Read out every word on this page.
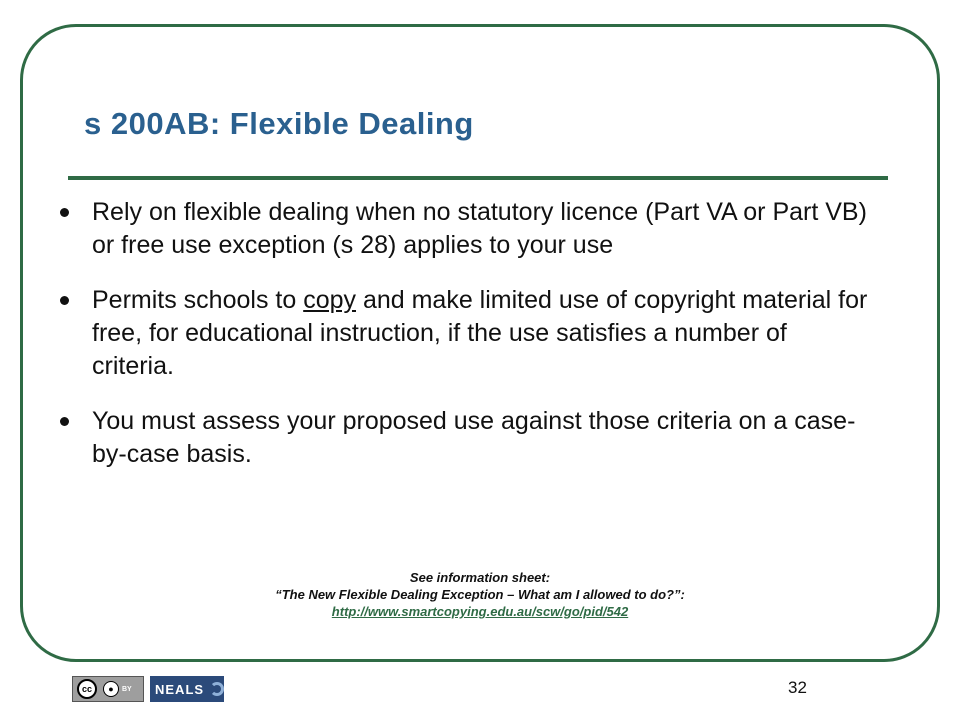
s 200AB: Flexible Dealing
Rely on flexible dealing when no statutory licence (Part VA or Part VB) or free use exception (s 28) applies to your use
Permits schools to copy and make limited use of copyright material for free, for educational instruction, if the use satisfies a number of criteria.
You must assess your proposed use against those criteria on a case-by-case basis.
See information sheet:
“The New Flexible Dealing Exception – What am I allowed to do?”:
http://www.smartcopying.edu.au/scw/go/pid/542
cc	●	BY NEALS	32
